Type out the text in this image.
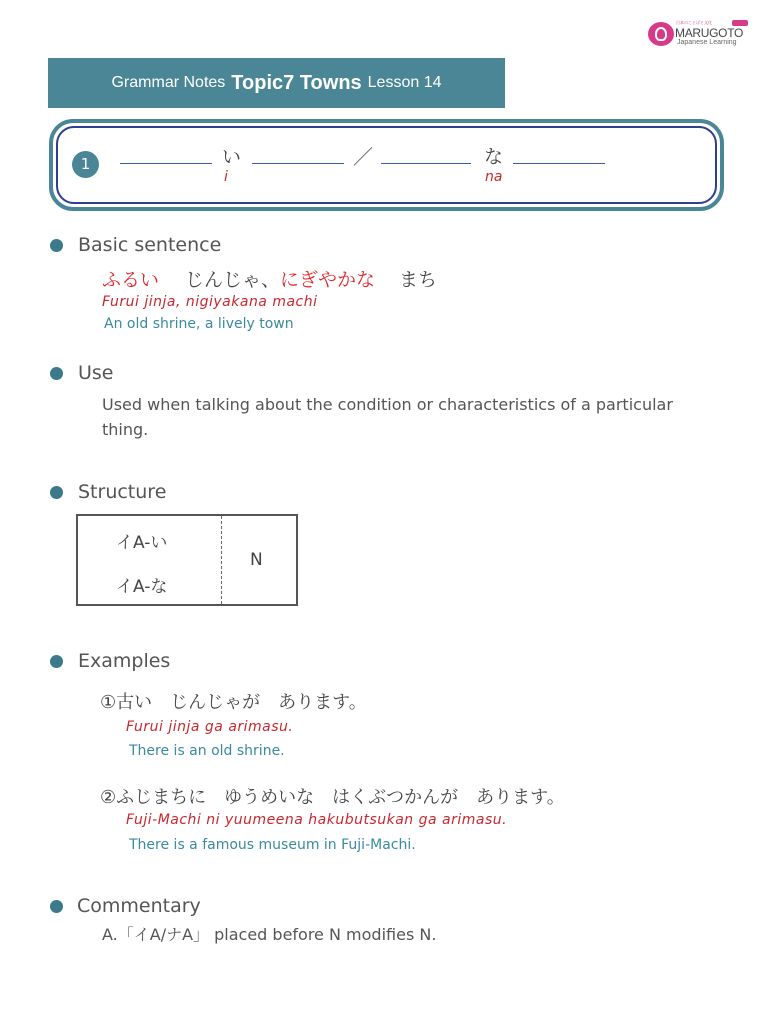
日本のことばと文化
MARUGOTO
Japanese Learning
Grammar Notes Topic7 Towns Lesson 14
1	い
i
／	な
na
Basic sentence
ふるい じんじゃ、にぎやかな まち
Furui jinja, nigiyakana machi
An old shrine, a lively town
Use
Used when talking about the condition or characteristics of a particular
thing.
Structure
イA-い
イA-な
N
Examples
①古い　じんじゃが　あります。
Furui jinja ga arimasu.
There is an old shrine.
②ふじまちに　ゆうめいな　はくぶつかんが　あります。
Fuji-Machi ni yuumeena hakubutsukan ga arimasu.
There is a famous museum in Fuji-Machi.
Commentary
A.「イA/ナA」 placed before N modifies N.
